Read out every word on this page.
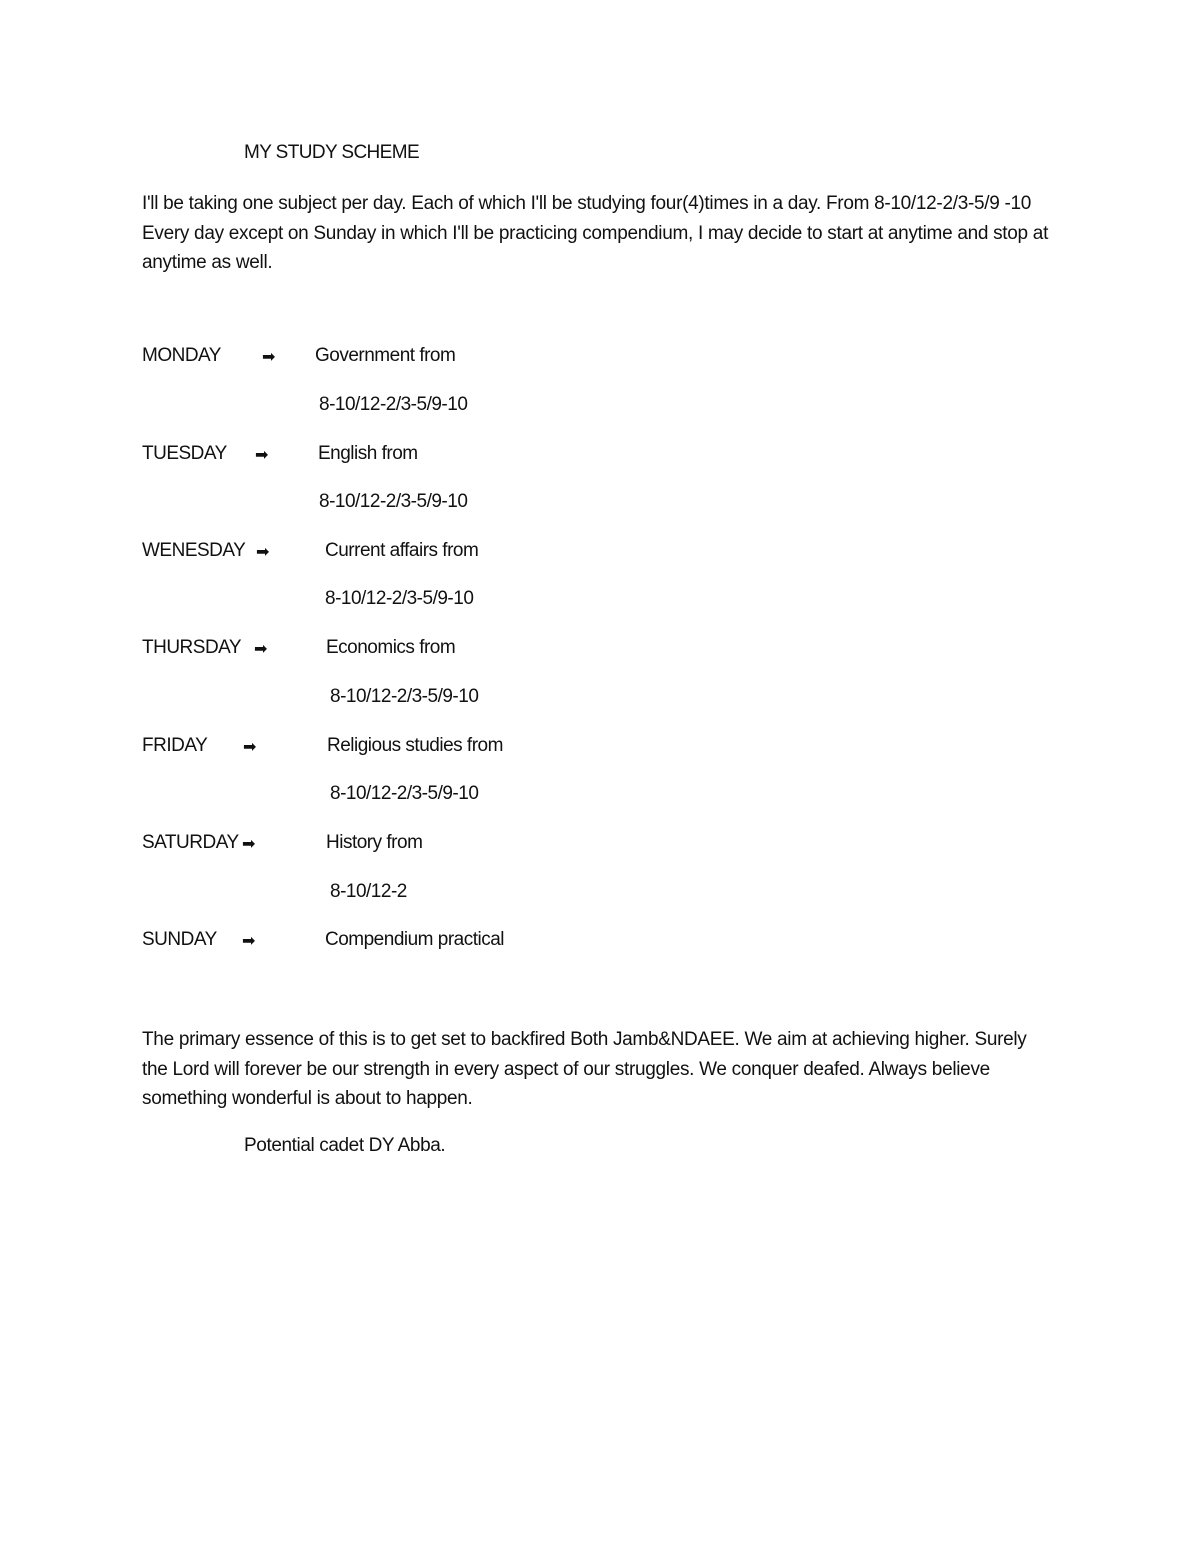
MY STUDY SCHEME
I'll be taking one subject per day. Each of which I'll be studying four(4)times in a day. From 8-10/12-2/3-5/9 -10 Every day except on Sunday in which I'll be practicing compendium, I may decide to start at anytime and stop at anytime as well.
MONDAY	➡ Government from
8-10/12-2/3-5/9-10
TUESDAY ➡	English from
8-10/12-2/3-5/9-10
WENESDAY ➡	Current affairs from
8-10/12-2/3-5/9-10
THURSDAY ➡	Economics from
8-10/12-2/3-5/9-10
FRIDAY ➡	Religious studies from
8-10/12-2/3-5/9-10
SATURDAY ➡	History from
8-10/12-2
SUNDAY ➡	Compendium practical
The primary essence of this is to get set to backfired Both Jamb&NDAEE. We aim at achieving higher. Surely the Lord will forever be our strength in every aspect of our struggles. We conquer deafed. Always believe something wonderful is about to happen.
Potential cadet DY Abba.
